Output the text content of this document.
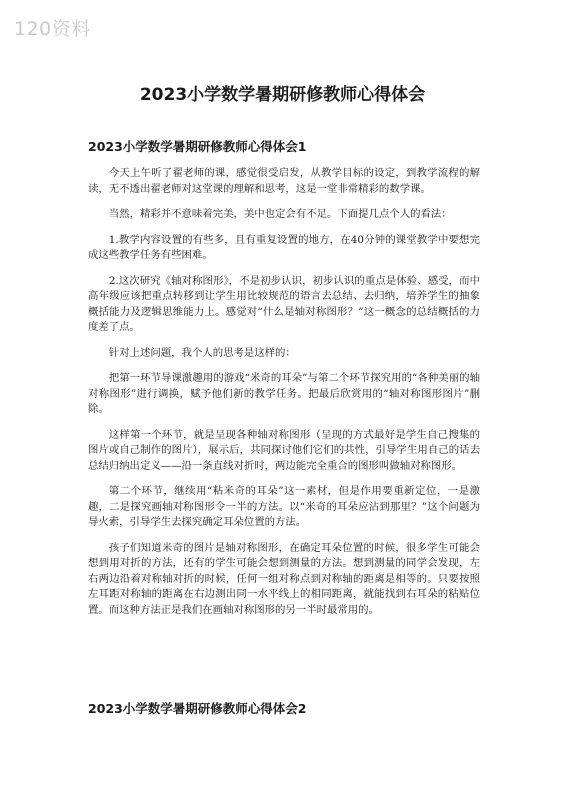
120资料
2023小学数学暑期研修教师心得体会
2023小学数学暑期研修教师心得体会1

今天上午听了翟老师的课，感觉很受启发，从教学目标的设定，到教学流程的解读，无不透出翟老师对这堂课的理解和思考，这是一堂非常精彩的数学课。

当然，精彩并不意味着完美，美中也定会有不足。下面提几点个人的看法：

1.教学内容设置的有些多，且有重复设置的地方，在40分钟的课堂教学中要想完成这些教学任务有些困难。

2.这次研究《轴对称图形》，不是初步认识，初步认识的重点是体验、感受，而中高年级应该把重点转移到让学生用比较规范的语言去总结、去归纳，培养学生的抽象概括能力及逻辑思维能力上。感觉对“什么是轴对称图形？”这一概念的总结概括的力度差了点。

针对上述问题，我个人的思考是这样的：

把第一环节导课激趣用的游戏“米奇的耳朵”与第二个环节探究用的“各种美丽的轴对称图形”进行调换，赋予他们新的教学任务。把最后欣赏用的“轴对称图形图片”删除。

这样第一个环节，就是呈现各种轴对称图形（呈现的方式最好是学生自己搜集的图片或自己制作的图片），展示后，共同探讨他们它们的共性，引导学生用自己的话去总结归纳出定义——沿一条直线对折时，两边能完全重合的图形叫做轴对称图形。

第二个环节，继续用“粘米奇的耳朵”这一素材，但是作用要重新定位，一是激趣，二是探究画轴对称图形令一半的方法。以“米奇的耳朵应沾到那里？”这个问题为导火索，引导学生去探究确定耳朵位置的方法。

孩子们知道米奇的图片是轴对称图形，在确定耳朵位置的时候，很多学生可能会想到用对折的方法，还有的学生可能会想到测量的方法。想到测量的同学会发现，左右两边沿着对称轴对折的时候，任何一组对称点到对称轴的距离是相等的。只要按照左耳距对称轴的距离在右边测出同一水平线上的相同距离，就能找到右耳朵的粘贴位置。而这种方法正是我们在画轴对称图形的另一半时最常用的。

2023小学数学暑期研修教师心得体会2
